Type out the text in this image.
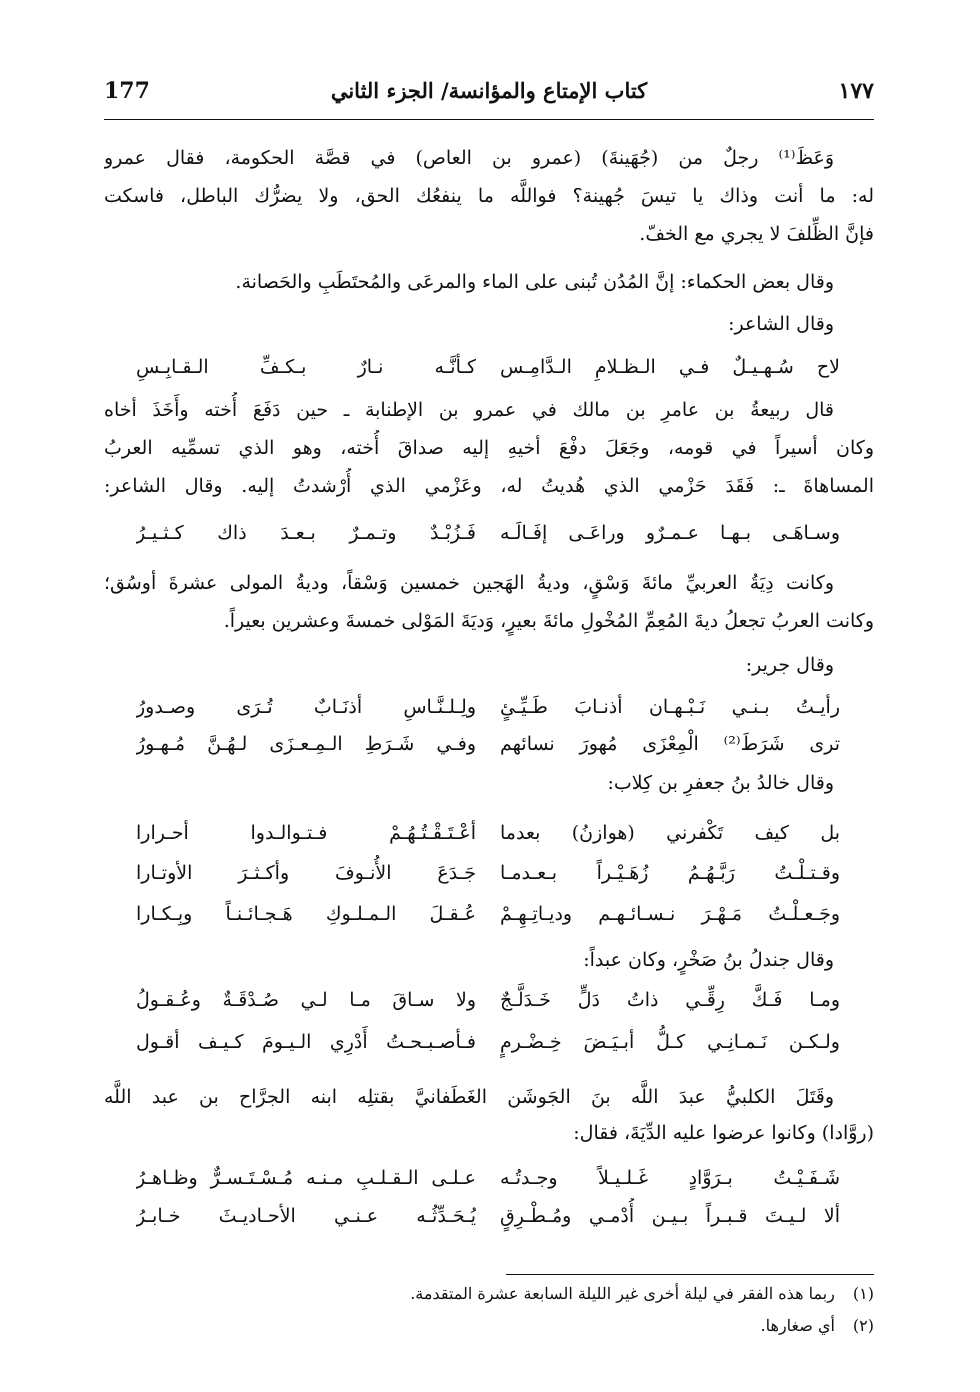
١٧٧
كتاب الإمتاع والمؤانسة/ الجزء الثاني
177
وَعَظَ⁽¹⁾ رجلٌ من (جُهَينةَ) (عمرو بن العاص) في قصَّة الحكومة، فقال عمرو
له: ما أنت وذاك يا تيسَ جُهينة؟ فواللَّه ما ينفعُك الحق، ولا يضرُّك الباطل، فاسكت
فإنَّ الظِّلفَ لا يجري مع الخفّ.
وقال بعض الحكماء: إنَّ المُدُن تُبنى على الماء والمرعَى والمُحتَطَبِ والحَصانة.
وقال الشاعر:
لاح سُـهـيـلٌ فـي الـظـلامِ الـدَّامِـس
كـأنَّـه نـارٌ بـكـفِّ الـقـابِـسِ
قال ربيعةُ بن عامرِ بن مالك في عمرو بن الإطنابة ـ حين دَفَعَ أُخته وأَخَذَ أخاه
وكان أسيراً في قومه، وجَعَلَ دفْعَ أخيهِ إليه صداقَ أُخته، وهو الذي تسمِّيه العربُ
المساهاةَ ـ: فَقَدَ حَزْمي الذي هُديتُ له، وعَزْمي الذي أُرْشدتُ إليه. وقال الشاعر:
وسـاهَـى بـهـا عـمـرٌو وراعَـى إفَـالَـه
فَـزُبْـدٌ وتـمـرٌ بـعـدَ ذاك كـثـيـرُ
وكانت دِيَةُ العربيِّ مائةَ وَسْقٍ، وديةُ الهَجين خمسين وَسْقاً، وديةُ المولى عشرةَ أوسُق؛
وكانت العربُ تجعلُ ديةَ المُعِمِّ المُخْولِ مائةَ بعيرٍ، وَديَةَ المَوْلى خمسةَ وعشرين بعيراً.
وقال جرير:
رأيـتُ بـنـي نَـبْـهـان أذنـابَ طَـيِّـئٍ
ولِـلـنَّـاسِ أذنَـابٌ تُـرَى وصـدورُ
ترى شَرَطَ⁽²⁾ الْمِعْزَى مُهورَ نسائهم
وفـي شَـرَطِ الـمِـعـزَى لـهُـنَّ مُـهـورُ
وقال خالدُ بنُ جعفرِ بن كِلاب:
بل كيف تَكْفرني (هوازنُ) بعدما
أعْـتَـقْـتُـهُـمْ فـتـوالـدوا أحـرارا
وقـتـلْـتُ رَبَّـهُـمُ زُهَـيْـراً بـعـدمـا
جَـدَعَ الأُنـوفَ وأكـثـرَ الأوتـارا
وجَـعـلْـتُ مَـهْـرَ نـسـائـهـم وديـاتِـهِـمْ
عُـقـلَ الـمـلـوكِ هَـجـائـنـاً وبِـكـارا
وقال جندلُ بنُ صَخْرٍ، وكان عبداً:
ومـا فَـكَّ رِقِّـي ذاتُ دَلٍّ خَـدَلَّـجٌ
ولا سـاقَ مـا لـي صُـدْقَـةٌ وعُـقـولُ
ولـكـن نَـمـانِـي كـلُّ أبـيَـضَ خِـضْـرمٍ
فـأصـبـحـتُ أَدْرِي الـيـومَ كـيـف أقـول
وقَتَلَ الكلبيُّ عبدَ اللَّه بنَ الجَوشَن الغَطَفانيَّ بقتلِه ابنه الجرَّاح بن عبد اللَّه
(روَّادا) وكانوا عرضوا عليه الدِّيَةَ، فقال:
شَـفَـيْـتُ بـرَوَّادٍ غَـلـيـلاً وجـدتُـه
عـلـى الـقـلـبِ مـنـه مُـسْـتَـسـرٌّ وظـاهـرُ
ألا لـيـتَ قـبـراً بـيـن أُدْمـي ومُـطْـرِقٍ
يُـحَـدِّثُـه عـنـي الأحـاديـثَ خـابـرُ
(١) ربما هذه الفقر في ليلة أخرى غير الليلة السابعة عشرة المتقدمة.
(٢) أي صغارها.
